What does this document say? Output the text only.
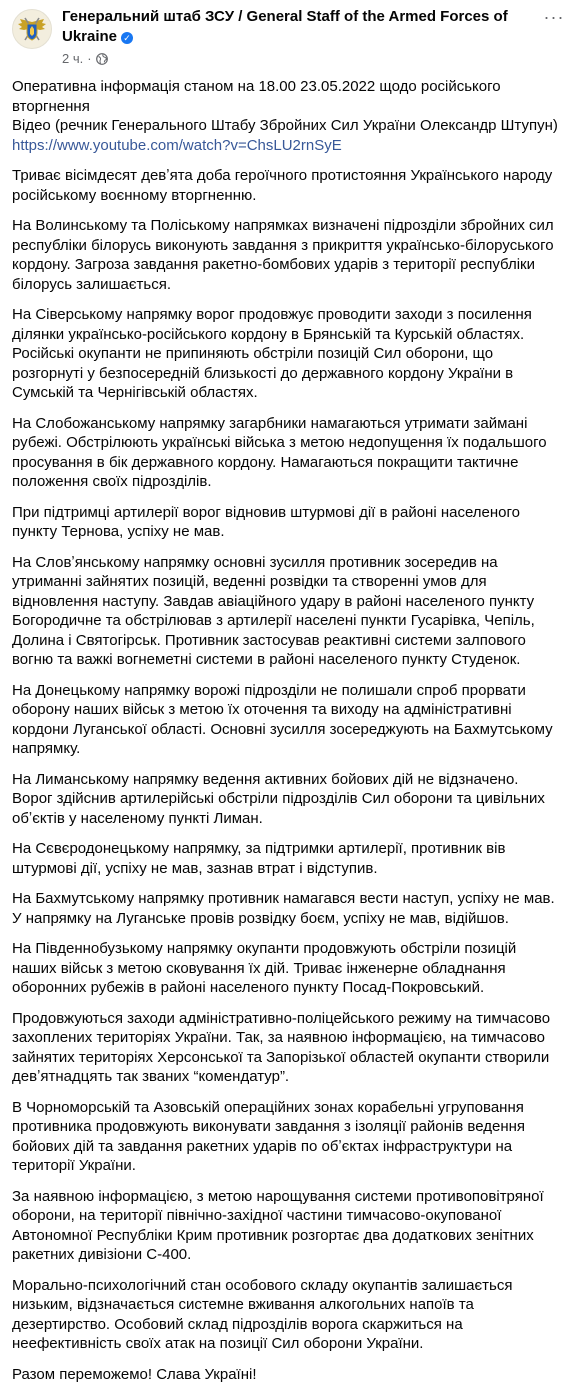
Генеральний штаб ЗСУ / General Staff of the Armed Forces of Ukraine ✓
2 ч. ·
···

Оперативна інформація станом на 18.00 23.05.2022 щодо російського вторгнення
Відео (речник Генерального Штабу Збройних Сил України Олександр Штупун)
https://www.youtube.com/watch?v=ChsLU2rnSyE

Триває вісімдесят девʼята доба героїчного протистояння Українського народу російському воєнному вторгненню.

На Волинському та Поліському напрямках визначені підрозділи збройних сил республіки білорусь виконують завдання з прикриття українсько-білоруського кордону. Загроза завдання ракетно-бомбових ударів з території республіки білорусь залишається.

На Сіверському напрямку ворог продовжує проводити заходи з посилення ділянки українсько-російського кордону в Брянській та Курській областях. Російські окупанти не припиняють обстріли позицій Сил оборони, що розгорнуті у безпосередній близькості до державного кордону України в Сумській та Чернігівській областях.

На Слобожанському напрямку загарбники намагаються утримати займані рубежі. Обстрілюють українські війська з метою недопущення їх подальшого просування в бік державного кордону. Намагаються покращити тактичне положення своїх підрозділів.

При підтримці артилерії ворог відновив штурмові дії в районі населеного пункту Тернова, успіху не мав.

На Словʼянському напрямку основні зусилля противник зосередив на утриманні зайнятих позицій, веденні розвідки та створенні умов для відновлення наступу. Завдав авіаційного удару в районі населеного пункту Богородичне та обстрілював з артилерії населені пункти Гусарівка, Чепіль, Долина і Святогірськ. Противник застосував реактивні системи залпового вогню та важкі вогнеметні системи в районі населеного пункту Студенок.

На Донецькому напрямку ворожі підрозділи не полишали спроб прорвати оборону наших військ з метою їх оточення та виходу на адміністративні кордони Луганської області. Основні зусилля зосереджують на Бахмутському напрямку.

На Лиманському напрямку ведення активних бойових дій не відзначено. Ворог здійснив артилерійські обстріли підрозділів Сил оборони та цивільних обʼєктів у населеному пункті Лиман.

На Сєвєродонецькому напрямку, за підтримки артилерії, противник вів штурмові дії, успіху не мав, зазнав втрат і відступив.

На Бахмутському напрямку противник намагався вести наступ, успіху не мав. У напрямку на Луганське провів розвідку боєм, успіху не мав, відійшов.

На Південнобузькому напрямку окупанти продовжують обстріли позицій наших військ з метою сковування їх дій. Триває інженерне обладнання оборонних рубежів в районі населеного пункту Посад-Покровський.

Продовжуються заходи адміністративно-поліцейського режиму на тимчасово захоплених територіях України. Так, за наявною інформацією, на тимчасово зайнятих територіях Херсонської та Запорізької областей окупанти створили девʼятнадцять так званих “комендатур”.

В Чорноморській та Азовській операційних зонах корабельні угруповання противника продовжують виконувати завдання з ізоляції районів ведення бойових дій та завдання ракетних ударів по обʼєктах інфраструктури на території України.

За наявною інформацією, з метою нарощування системи противоповітряної оборони, на території північно-західної частини тимчасово-окупованої Автономної Республіки Крим противник розгортає два додаткових зенітних ракетних дивізіони С-400.

Морально-психологічний стан особового складу окупантів залишається низьким, відзначається системне вживання алкогольних напоїв та дезертирство. Особовий склад підрозділів ворога скаржиться на неефективність своїх атак на позиції Сил оборони України.

Разом переможемо! Слава Україні!
